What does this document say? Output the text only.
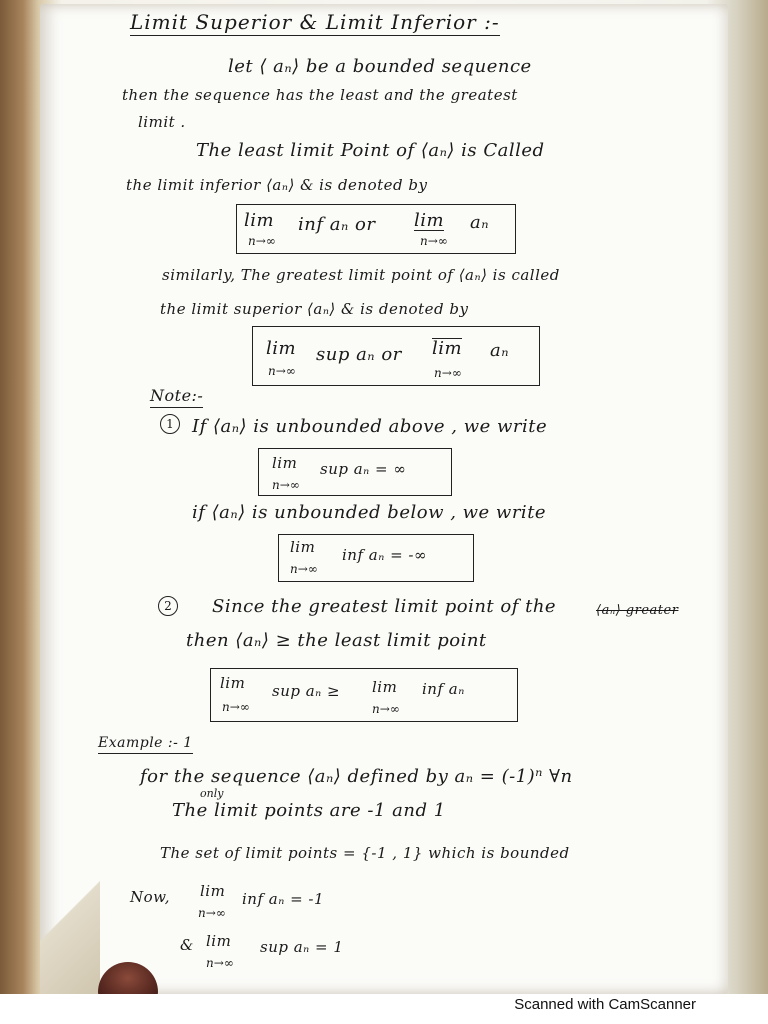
Limit Superior & Limit Inferior :-
let ⟨ aₙ⟩ be a bounded sequence
then the sequence has the least and the greatest
limit .
The least limit Point of ⟨aₙ⟩ is Called
the limit inferior ⟨aₙ⟩ & is denoted by
lim
n→∞
inf aₙ or lim
n→∞
aₙ
similarly, The greatest limit point of ⟨aₙ⟩ is called
the limit superior ⟨aₙ⟩ & is denoted by
lim
n→∞
sup aₙ or lim
n→∞
aₙ
Note:-
1	If ⟨aₙ⟩ is unbounded above , we write
lim
n→∞
sup aₙ = ∞
if ⟨aₙ⟩ is unbounded below , we write
lim
n→∞
inf aₙ = -∞
2	Since the greatest limit point of the	⟨aₙ⟩ greater
then ⟨aₙ⟩ ≥ the least limit point
lim
n→∞
sup aₙ ≥ lim
n→∞
inf aₙ
Example :- 1
for the sequence ⟨aₙ⟩ defined by aₙ = (-1)ⁿ ∀n
only
The limit points are -1 and 1
The set of limit points = {-1 , 1} which is bounded
Now, lim
n→∞
inf aₙ = -1
& lim
n→∞
sup aₙ = 1
Scanned with CamScanner
